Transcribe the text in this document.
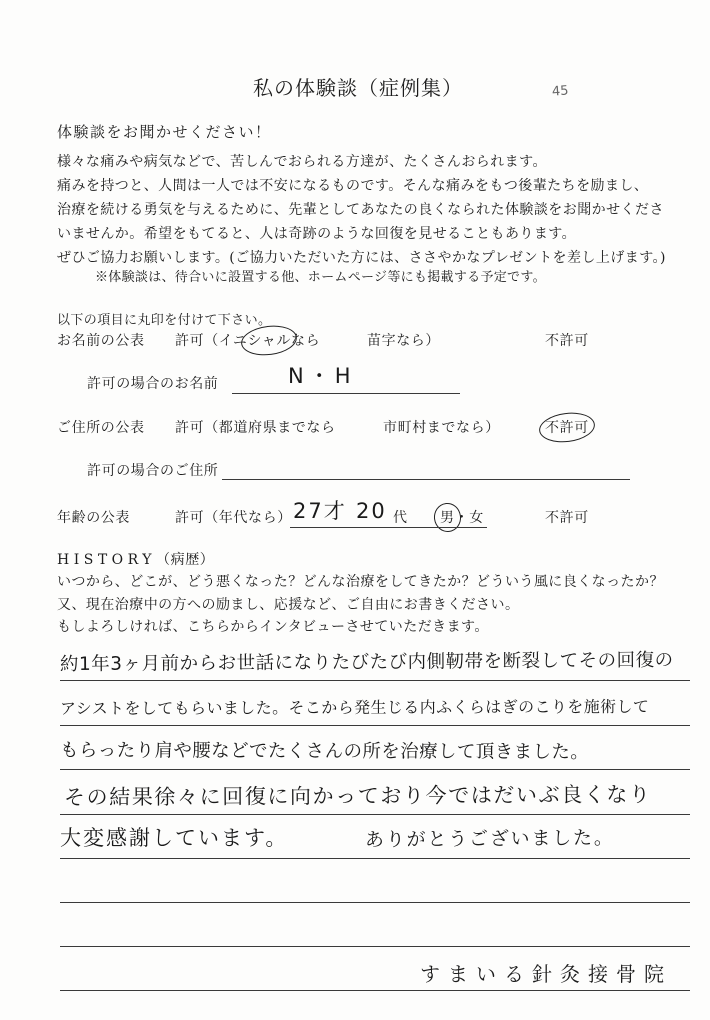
私の体験談（症例集）	45
体験談をお聞かせください！
様々な痛みや病気などで、苦しんでおられる方達が、たくさんおられます。
痛みを持つと、人間は一人では不安になるものです。そんな痛みをもつ後輩たちを励まし、
治療を続ける勇気を与えるために、先輩としてあなたの良くなられた体験談をお聞かせくださ
いませんか。希望をもてると、人は奇跡のような回復を見せることもあります。
ぜひご協力お願いします。(ご協力いただいた方には、ささやかなプレゼントを差し上げます。)
※体験談は、待合いに設置する他、ホームページ等にも掲載する予定です。
以下の項目に丸印を付けて下さい。
お名前の公表 許可（イニシャルなら	苗字なら）	不許可
許可の場合のお名前	N・H
ご住所の公表 許可（都道府県までなら	市町村までなら）	不許可
許可の場合のご住所
年齢の公表	許可（年代なら） 27才 20 代 男・女	不許可
HISTORY（病歴）
いつから、どこが、どう悪くなった？どんな治療をしてきたか？どういう風に良くなったか？
又、現在治療中の方への励まし、応援など、ご自由にお書きください。
もしよろしければ、こちらからインタビューさせていただきます。
約1年3ヶ月前からお世話になりたびたび内側靭帯を断裂してその回復の
アシストをしてもらいました。そこから発生じる内ふくらはぎのこりを施術して
もらったり肩や腰などでたくさんの所を治療して頂きました。
その結果徐々に回復に向かっており今ではだいぶ良くなり
大変感謝しています。	ありがとうございました。
すまいる針灸接骨院
